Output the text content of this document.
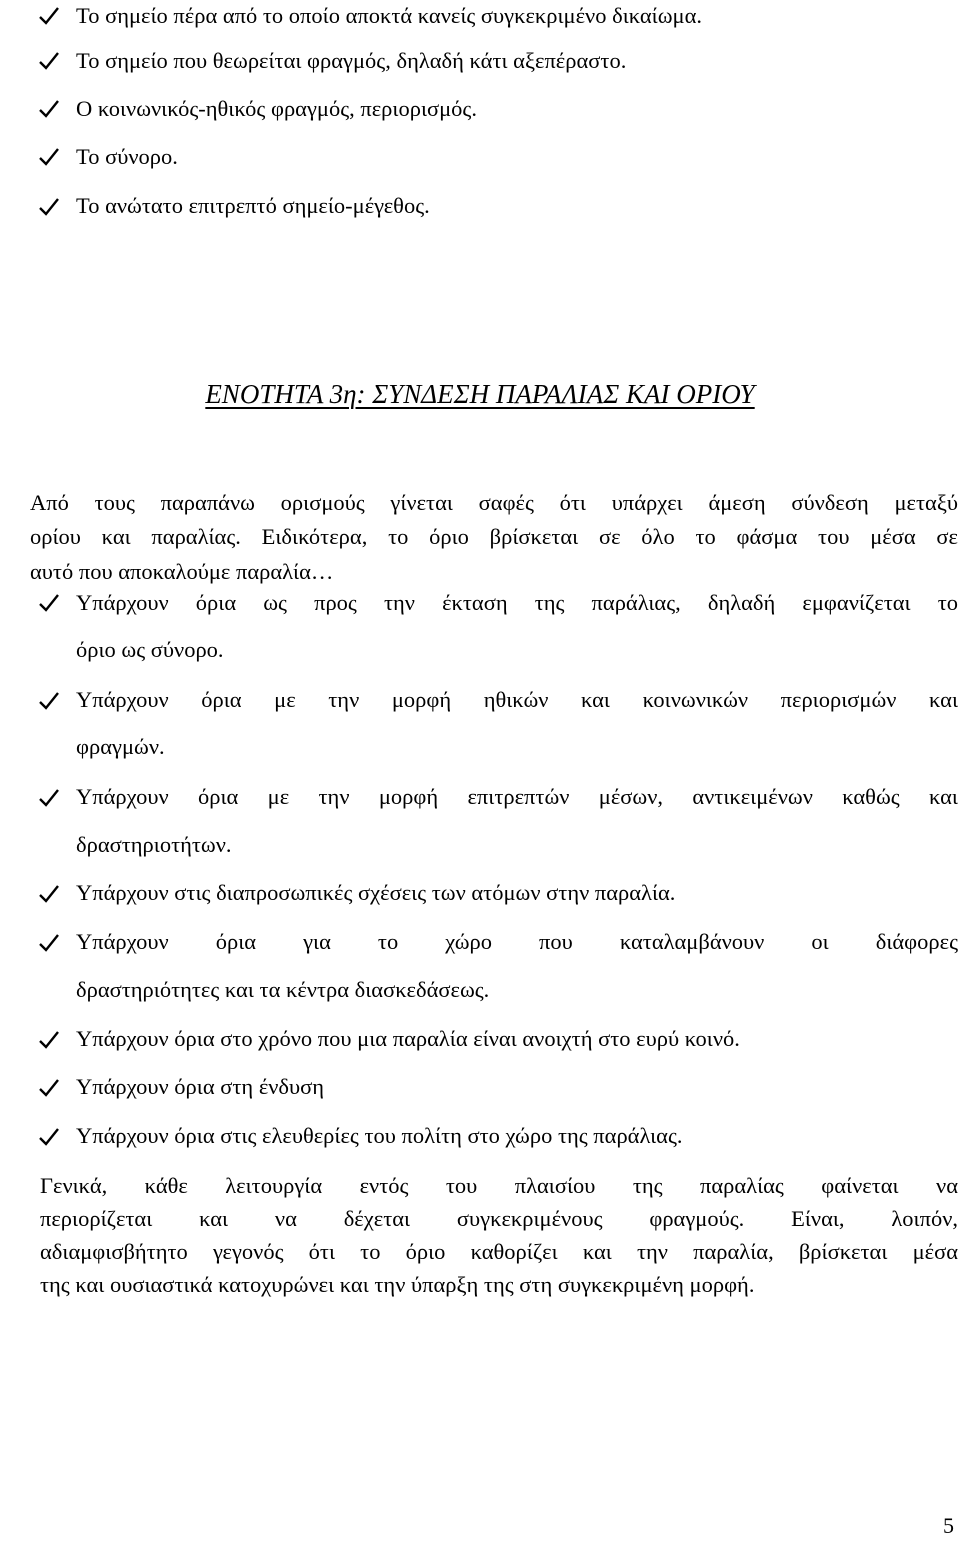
Το σημείο πέρα από το οποίο αποκτά κανείς συγκεκριμένο δικαίωμα.
Το σημείο που θεωρείται φραγμός, δηλαδή κάτι αξεπέραστο.
Ο κοινωνικός-ηθικός φραγμός, περιορισμός.
Το σύνορο.
Το ανώτατο επιτρεπτό σημείο-μέγεθος.
ΕΝΟΤΗΤΑ 3η: ΣΥΝΔΕΣΗ ΠΑΡΑΛΙΑΣ ΚΑΙ ΟΡΙΟΥ
Από τους παραπάνω ορισμούς γίνεται σαφές ότι υπάρχει άμεση σύνδεση μεταξύ
ορίου και παραλίας. Ειδικότερα, το όριο βρίσκεται σε όλο το φάσμα του μέσα σε
αυτό που αποκαλούμε παραλία…
Υπάρχουν όρια ως προς την έκταση της παράλιας, δηλαδή εμφανίζεται το
όριο ως σύνορο.
Υπάρχουν όρια με την μορφή ηθικών και κοινωνικών περιορισμών και
φραγμών.
Υπάρχουν όρια με την μορφή επιτρεπτών μέσων, αντικειμένων καθώς και
δραστηριοτήτων.
Υπάρχουν στις διαπροσωπικές σχέσεις των ατόμων στην παραλία.
Υπάρχουν όρια για το χώρο που καταλαμβάνουν οι διάφορες
δραστηριότητες και τα κέντρα διασκεδάσεως.
Υπάρχουν όρια στο χρόνο που μια παραλία είναι ανοιχτή στο ευρύ κοινό.
Υπάρχουν όρια στη ένδυση
Υπάρχουν όρια στις ελευθερίες του πολίτη στο χώρο της παράλιας.
Γενικά, κάθε λειτουργία εντός του πλαισίου της παραλίας φαίνεται να
περιορίζεται και να δέχεται συγκεκριμένους φραγμούς. Είναι, λοιπόν,
αδιαμφισβήτητο γεγονός ότι το όριο καθορίζει και την παραλία, βρίσκεται μέσα
της και ουσιαστικά κατοχυρώνει και την ύπαρξη της στη συγκεκριμένη μορφή.
5
